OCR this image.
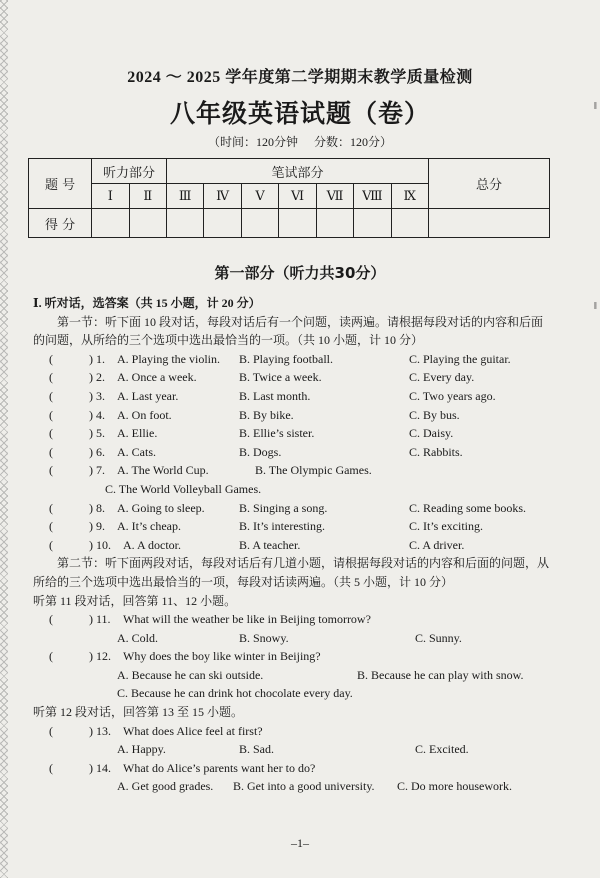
‖
‖
2024 ～ 2025 学年度第二学期期末教学质量检测
八年级英语试题（卷）
（时间：120分钟 分数：120分）
题 号	听力部分		笔试部分							总分
	Ⅰ	Ⅱ	Ⅲ	Ⅳ	Ⅴ	Ⅵ	Ⅶ	Ⅷ	Ⅸ	
得 分										
第一部分（听力共30分）
Ⅰ. 听对话，选答案（共 15 小题，计 20 分）
第一节：听下面 10 段对话，每段对话后有一个问题，读两遍。请根据每段对话的内容和后面的问题，从所给的三个选项中选出最恰当的一项。（共 10 小题，计 10 分）
(	) 1. A. Playing the violin. B. Playing football.	C. Playing the guitar.
(	) 2. A. Once a week.	B. Twice a week.	C. Every day.
(	) 3. A. Last year.	B. Last month.	C. Two years ago.
(	) 4. A. On foot.	B. By bike.	C. By bus.
(	) 5. A. Ellie.	B. Ellie’s sister.	C. Daisy.
(	) 6. A. Cats.	B. Dogs.	C. Rabbits.
(	) 7. A. The World Cup.	B. The Olympic Games.
C. The World Volleyball Games.
(	) 8. A. Going to sleep.	B. Singing a song.	C. Reading some books.
(	) 9. A. It’s cheap.	B. It’s interesting.	C. It’s exciting.
(	) 10. A. A doctor.	B. A teacher.	C. A driver.
第二节：听下面两段对话，每段对话后有几道小题，请根据每段对话的内容和后面的问题，从所给的三个选项中选出最恰当的一项，每段对话读两遍。（共 5 小题，计 10 分）
听第 11 段对话，回答第 11、12 小题。
(	) 11. What will the weather be like in Beijing tomorrow?
A. Cold.	B. Snowy.	C. Sunny.
(	) 12. Why does the boy like winter in Beijing?
A. Because he can ski outside.	B. Because he can play with snow.
C. Because he can drink hot chocolate every day.
听第 12 段对话，回答第 13 至 15 小题。
(	) 13. What does Alice feel at first?
A. Happy.	B. Sad.	C. Excited.
(	) 14. What do Alice’s parents want her to do?
A. Get good grades. B. Get into a good university. C. Do more housework.
–1–
